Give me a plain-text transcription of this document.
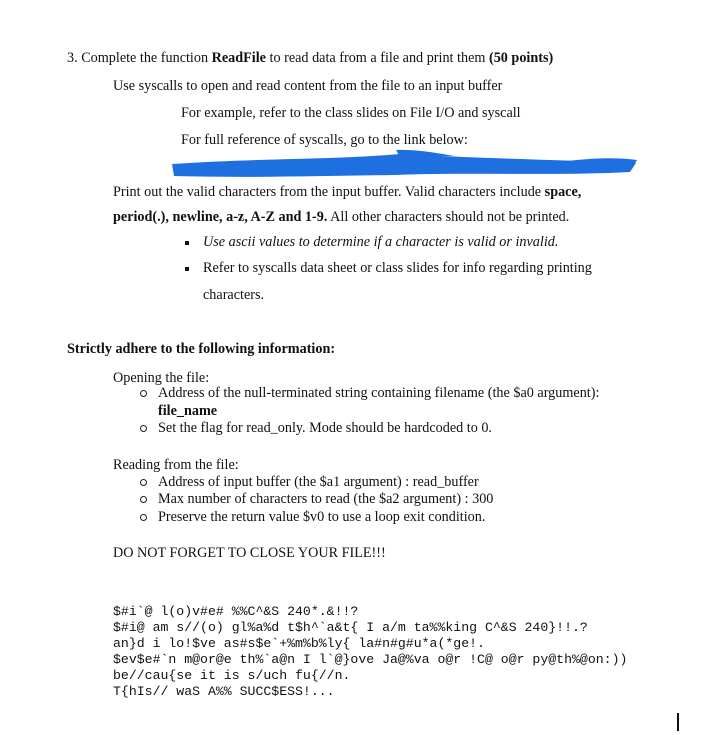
3. Complete the function ReadFile to read data from a file and print them (50 points)
Use syscalls to open and read content from the file to an input buffer
For example, refer to the class slides on File I/O and syscall
For full reference of syscalls, go to the link below:
Print out the valid characters from the input buffer. Valid characters include space,
period(.), newline, a-z, A-Z and 1-9. All other characters should not be printed.
Use ascii values to determine if a character is valid or invalid.
Refer to syscalls data sheet or class slides for info regarding printing
characters.
Strictly adhere to the following information:
Opening the file:
Address of the null-terminated string containing filename (the $a0 argument):
file_name
Set the flag for read_only. Mode should be hardcoded to 0.
Reading from the file:
Address of input buffer (the $a1 argument) : read_buffer
Max number of characters to read (the $a2 argument) : 300
Preserve the return value $v0 to use a loop exit condition.
DO NOT FORGET TO CLOSE YOUR FILE!!!
$#i`@ l(o)v#e# %%C^&S 240*.&!!?
$#i@ am s//(o) gl%a%d t$h^`a&t{ I a/m ta%%king C^&S 240}!!.?
an}d i lo!$ve as#s$e`+%m%b%ly{ la#n#g#u*a(*ge!.
$ev$e#`n m@or@e th%`a@n I l`@}ove Ja@%va o@r !C@ o@r py@th%@on:))
be//cau{se it is s/uch fu{//n.
T{hIs// waS A%% SUCC$ESS!...
